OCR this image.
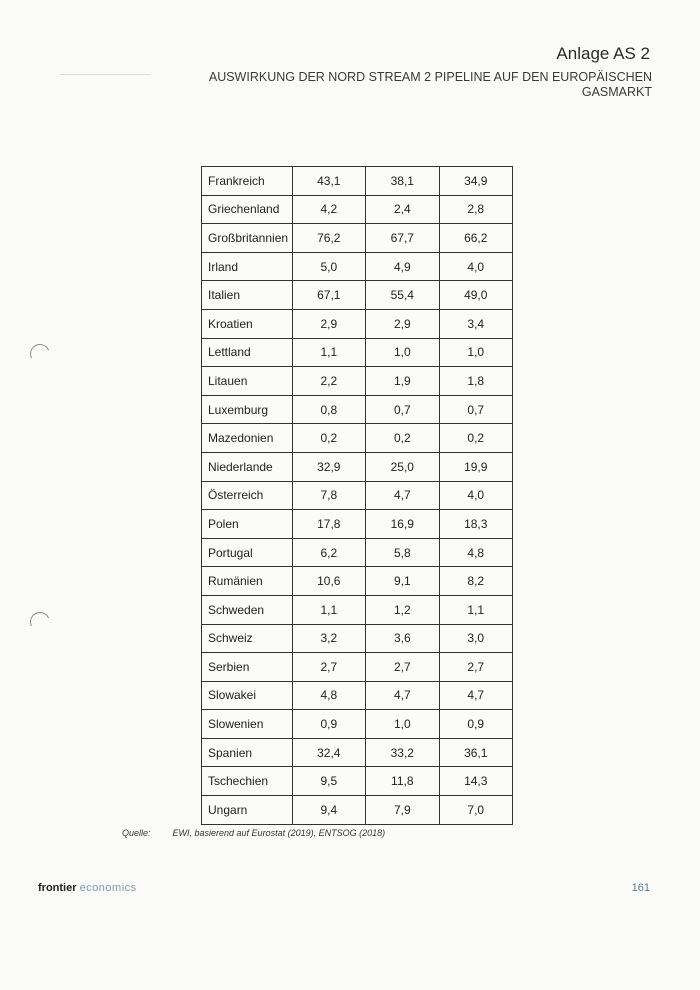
Anlage AS 2
AUSWIRKUNG DER NORD STREAM 2 PIPELINE AUF DEN EUROPÄISCHEN
GASMARKT
Frankreich	43,1	38,1	34,9
Griechenland	4,2	2,4	2,8
Großbritannien	76,2	67,7	66,2
Irland	5,0	4,9	4,0
Italien	67,1	55,4	49,0
Kroatien	2,9	2,9	3,4
Lettland	1,1	1,0	1,0
Litauen	2,2	1,9	1,8
Luxemburg	0,8	0,7	0,7
Mazedonien	0,2	0,2	0,2
Niederlande	32,9	25,0	19,9
Österreich	7,8	4,7	4,0
Polen	17,8	16,9	18,3
Portugal	6,2	5,8	4,8
Rumänien	10,6	9,1	8,2
Schweden	1,1	1,2	1,1
Schweiz	3,2	3,6	3,0
Serbien	2,7	2,7	2,7
Slowakei	4,8	4,7	4,7
Slowenien	0,9	1,0	0,9
Spanien	32,4	33,2	36,1
Tschechien	9,5	11,8	14,3
Ungarn	9,4	7,9	7,0
Quelle: EWI, basierend auf Eurostat (2019), ENTSOG (2018)
frontier economics	161
